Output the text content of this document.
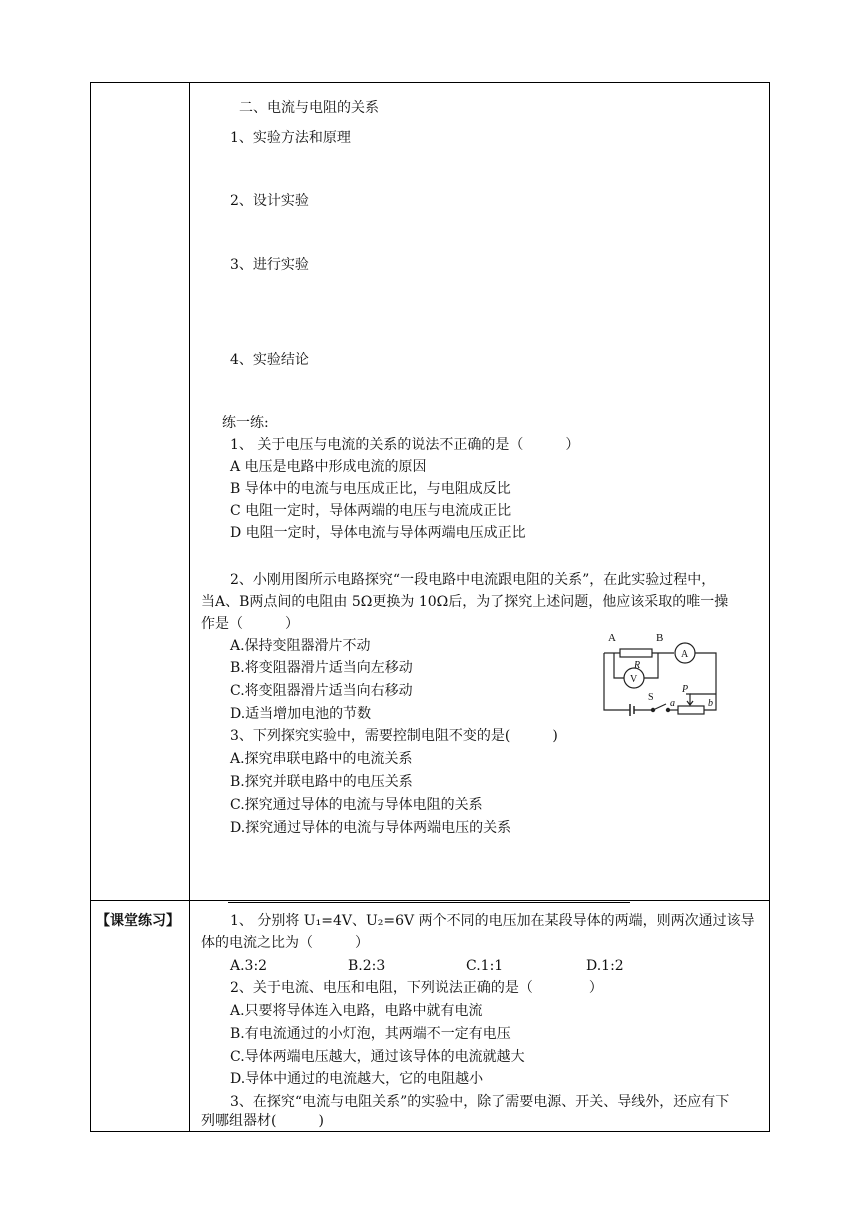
二、电流与电阻的关系
1、实验方法和原理
2、设计实验
3、进行实验
4、实验结论
练一练:
1、 关于电压与电流的关系的说法不正确的是（　　　）
A 电压是电路中形成电流的原因
B 导体中的电流与电压成正比，与电阻成反比
C 电阻一定时，导体两端的电压与电流成正比
D 电阻一定时，导体电流与导体两端电压成正比
2、小刚用图所示电路探究“一段电路中电流跟电阻的关系”，在此实验过程中，
当A、B两点间的电阻由 5Ω更换为 10Ω后，为了探究上述问题，他应该采取的唯一操
作是（　　　）
A.保持变阻器滑片不动
B.将变阻器滑片适当向左移动
C.将变阻器滑片适当向右移动
D.适当增加电池的节数
3、下列探究实验中，需要控制电阻不变的是(　　　)
A.探究串联电路中的电流关系
B.探究并联电路中的电压关系
C.探究通过导体的电流与导体电阻的关系
D.探究通过导体的电流与导体两端电压的关系
A	B
R
A
V
S
P
a	b
【课堂练习】	1、 分别将 U₁=4V、U₂=6V 两个不同的电压加在某段导体的两端，则两次通过该导
体的电流之比为（　　　）
A.3:2	B.2:3	C.1:1	D.1:2
2、关于电流、电压和电阻，下列说法正确的是（　　　　）
A.只要将导体连入电路，电路中就有电流
B.有电流通过的小灯泡，其两端不一定有电压
C.导体两端电压越大，通过该导体的电流就越大
D.导体中通过的电流越大，它的电阻越小
3、在探究“电流与电阻关系”的实验中，除了需要电源、开关、导线外，还应有下
列哪组器材(　　　)
